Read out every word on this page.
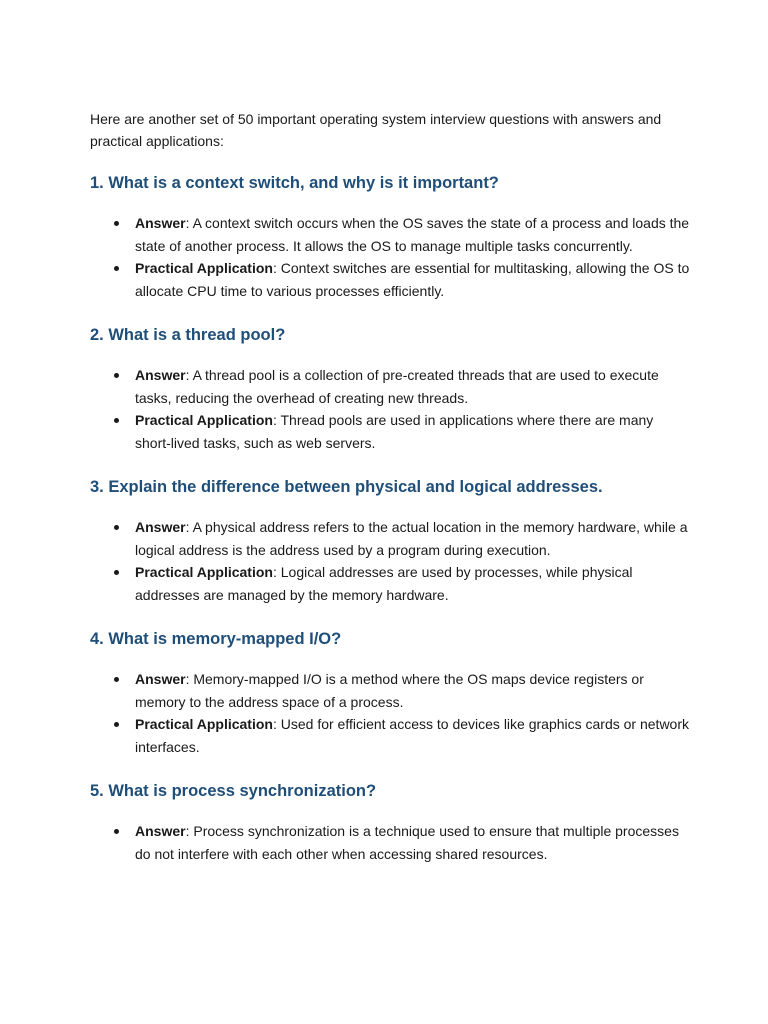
Here are another set of 50 important operating system interview questions with answers and practical applications:

1. What is a context switch, and why is it important?
Answer: A context switch occurs when the OS saves the state of a process and loads the state of another process. It allows the OS to manage multiple tasks concurrently.
Practical Application: Context switches are essential for multitasking, allowing the OS to allocate CPU time to various processes efficiently.
2. What is a thread pool?
Answer: A thread pool is a collection of pre-created threads that are used to execute tasks, reducing the overhead of creating new threads.
Practical Application: Thread pools are used in applications where there are many short-lived tasks, such as web servers.
3. Explain the difference between physical and logical addresses.
Answer: A physical address refers to the actual location in the memory hardware, while a logical address is the address used by a program during execution.
Practical Application: Logical addresses are used by processes, while physical addresses are managed by the memory hardware.
4. What is memory-mapped I/O?
Answer: Memory-mapped I/O is a method where the OS maps device registers or memory to the address space of a process.
Practical Application: Used for efficient access to devices like graphics cards or network interfaces.
5. What is process synchronization?
Answer: Process synchronization is a technique used to ensure that multiple processes do not interfere with each other when accessing shared resources.
